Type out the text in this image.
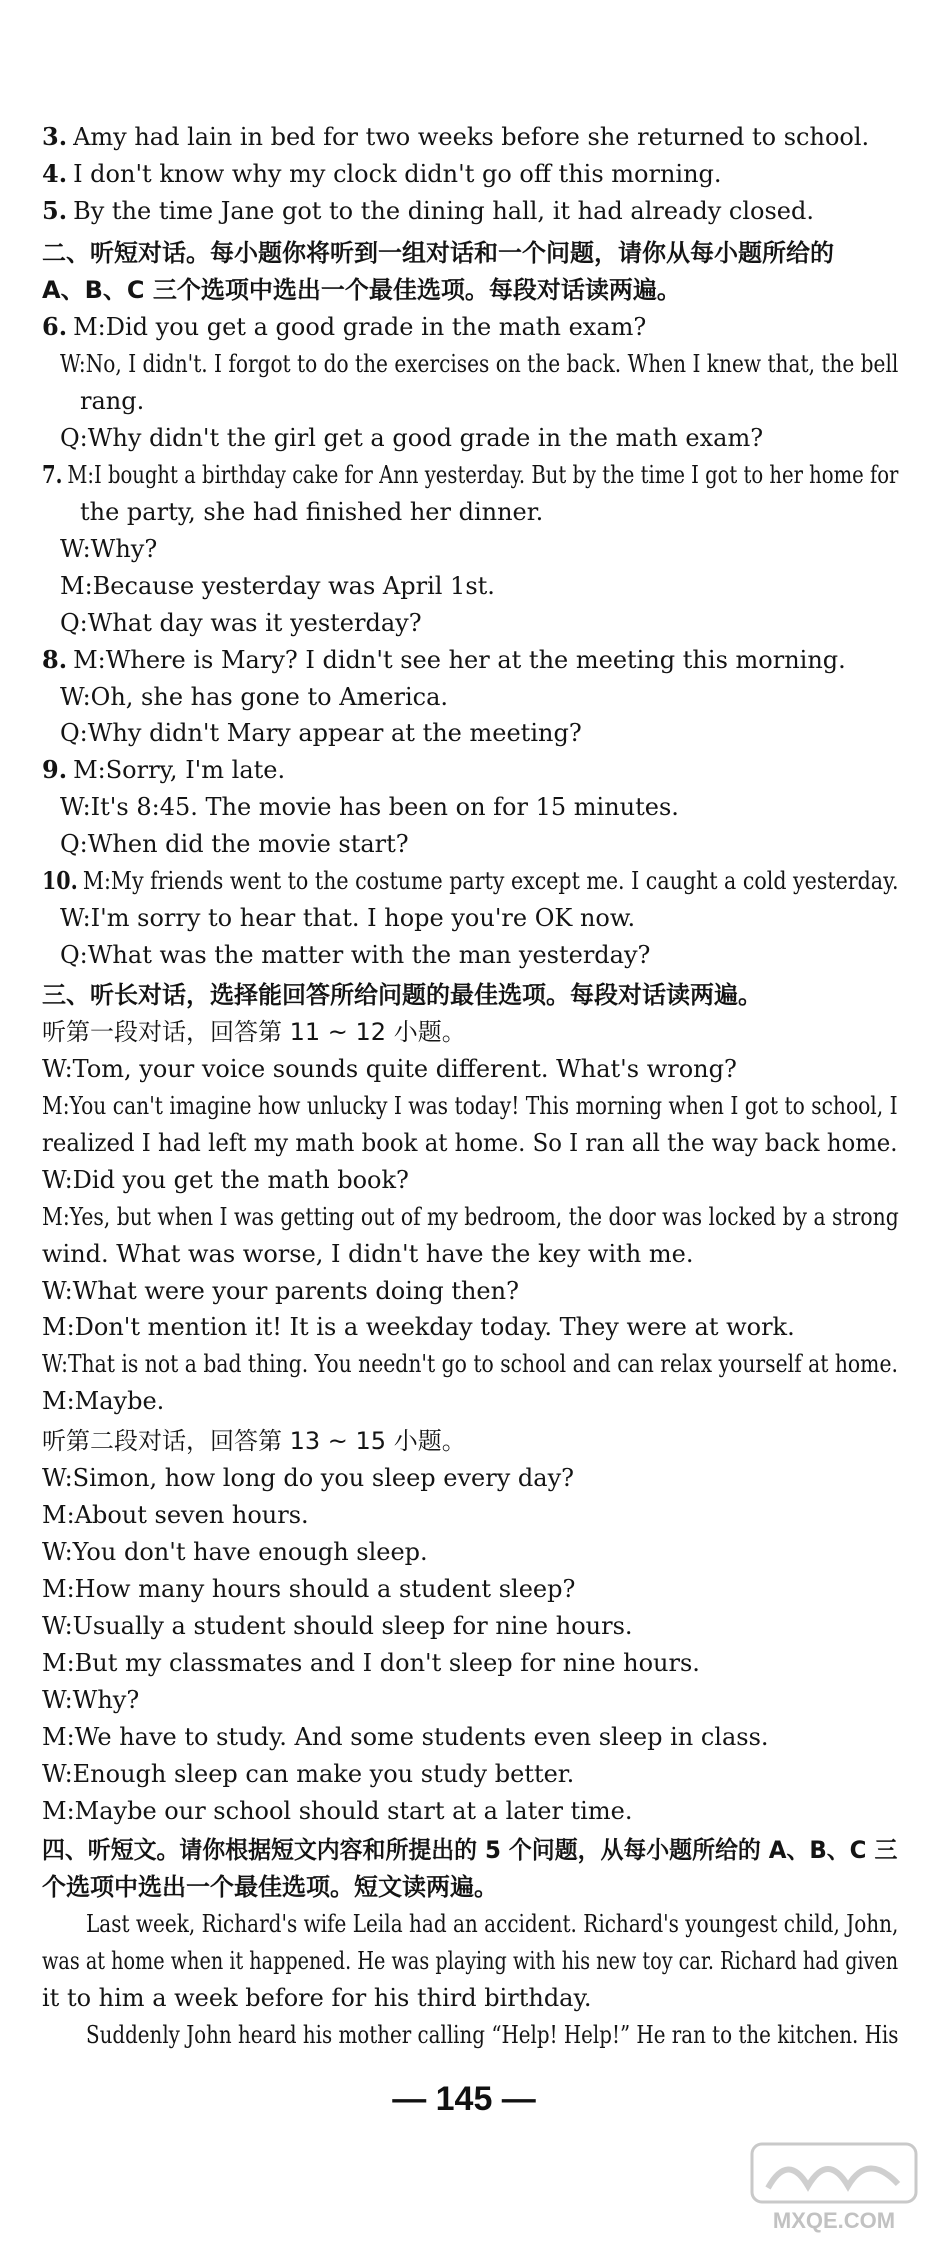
3. Amy had lain in bed for two weeks before she returned to school.
4. I don't know why my clock didn't go off this morning.
5. By the time Jane got to the dining hall, it had already closed.
二、听短对话。每小题你将听到一组对话和一个问题，请你从每小题所给的
A、B、C 三个选项中选出一个最佳选项。每段对话读两遍。
6. M:Did you get a good grade in the math exam?
W:No, I didn't. I forgot to do the exercises on the back. When I knew that, the bell
rang.
Q:Why didn't the girl get a good grade in the math exam?
7. M:I bought a birthday cake for Ann yesterday. But by the time I got to her home for
the party, she had finished her dinner.
W:Why?
M:Because yesterday was April 1st.
Q:What day was it yesterday?
8. M:Where is Mary? I didn't see her at the meeting this morning.
W:Oh, she has gone to America.
Q:Why didn't Mary appear at the meeting?
9. M:Sorry, I'm late.
W:It's 8:45. The movie has been on for 15 minutes.
Q:When did the movie start?
10. M:My friends went to the costume party except me. I caught a cold yesterday.
W:I'm sorry to hear that. I hope you're OK now.
Q:What was the matter with the man yesterday?
三、听长对话，选择能回答所给问题的最佳选项。每段对话读两遍。
听第一段对话，回答第 11 ~ 12 小题。
W:Tom, your voice sounds quite different. What's wrong?
M:You can't imagine how unlucky I was today! This morning when I got to school, I
realized I had left my math book at home. So I ran all the way back home.
W:Did you get the math book?
M:Yes, but when I was getting out of my bedroom, the door was locked by a strong
wind. What was worse, I didn't have the key with me.
W:What were your parents doing then?
M:Don't mention it! It is a weekday today. They were at work.
W:That is not a bad thing. You needn't go to school and can relax yourself at home.
M:Maybe.
听第二段对话，回答第 13 ~ 15 小题。
W:Simon, how long do you sleep every day?
M:About seven hours.
W:You don't have enough sleep.
M:How many hours should a student sleep?
W:Usually a student should sleep for nine hours.
M:But my classmates and I don't sleep for nine hours.
W:Why?
M:We have to study. And some students even sleep in class.
W:Enough sleep can make you study better.
M:Maybe our school should start at a later time.
四、听短文。请你根据短文内容和所提出的 5 个问题，从每小题所给的 A、B、C 三
个选项中选出一个最佳选项。短文读两遍。
Last week, Richard's wife Leila had an accident. Richard's youngest child, John,
was at home when it happened. He was playing with his new toy car. Richard had given
it to him a week before for his third birthday.
Suddenly John heard his mother calling “Help! Help!” He ran to the kitchen. His
— 145 —
MXQE.COM
